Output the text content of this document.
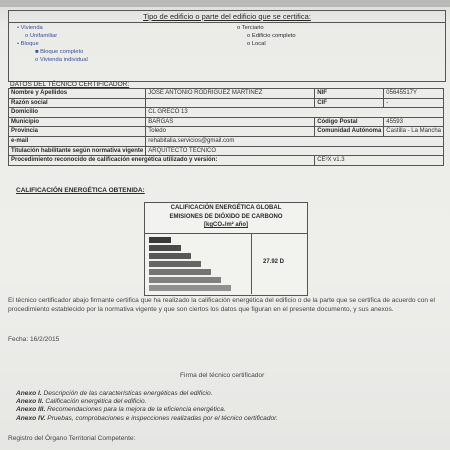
Tipo de edificio o parte del edificio que se certifica:
• Vivienda
o Unifamiliar
• Bloque
■ Bloque completo
o Vivienda individual
o Terciario
o Edificio completo
o Local
DATOS DEL TÉCNICO CERTIFICADOR:
Nombre y Apellidos	JOSE ANTONIO RODRIGUEZ MARTINEZ	NIF	05645517Y
Razón social		CIF	-
Domicilio	CL GRECO 13		
Municipio	BARGAS	Código Postal	45593
Provincia	Toledo	Comunidad Autónoma	Castilla - La Mancha
e-mail	rehabitalia.servicios@gmail.com		
Titulación habilitante según normativa vigente	ARQUITECTO TECNICO		
Procedimiento reconocido de calificación energética utilizado y versión:		CE³X v1.3	
CALIFICACIÓN ENERGÉTICA OBTENIDA:
CALIFICACIÓN ENERGÉTICA GLOBAL
EMISIONES DE DIÓXIDO DE CARBONO
[kgCO₂/m² año]
27.92 D
El técnico certificador abajo firmante certifica que ha realizado la calificación energética del edificio o de la parte que se certifica de acuerdo con el procedimiento establecido por la normativa vigente y que son ciertos los datos que figuran en el presente documento, y sus anexos.
Fecha: 16/2/2015
Firma del técnico certificador
Anexo I. Descripción de las características energéticas del edificio.
Anexo II. Calificación energética del edificio.
Anexo III. Recomendaciones para la mejora de la eficiencia energética.
Anexo IV. Pruebas, comprobaciones e inspecciones realizadas por el técnico certificador.
Registro del Órgano Territorial Competente:
